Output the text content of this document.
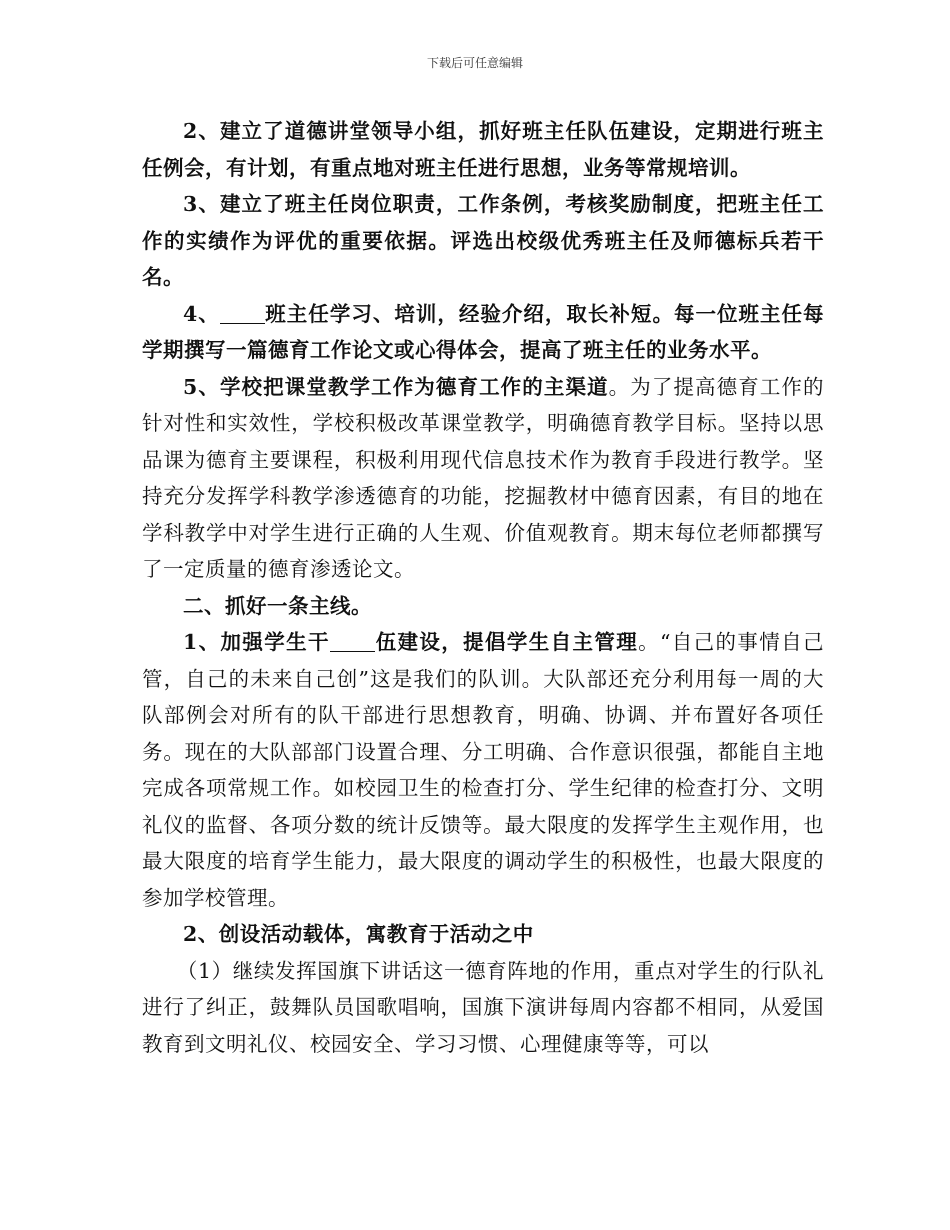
下载后可任意编辑

2、建立了道德讲堂领导小组，抓好班主任队伍建设，定期进行班主任例会，有计划，有重点地对班主任进行思想，业务等常规培训。

3、建立了班主任岗位职责，工作条例，考核奖励制度，把班主任工作的实绩作为评优的重要依据。评选出校级优秀班主任及师德标兵若干名。

4、 班主任学习、培训，经验介绍，取长补短。每一位班主任每学期撰写一篇德育工作论文或心得体会，提高了班主任的业务水平。

5、学校把课堂教学工作为德育工作的主渠道。为了提高德育工作的针对性和实效性，学校积极改革课堂教学，明确德育教学目标。坚持以思品课为德育主要课程，积极利用现代信息技术作为教育手段进行教学。坚持充分发挥学科教学渗透德育的功能，挖掘教材中德育因素，有目的地在学科教学中对学生进行正确的人生观、价值观教育。期末每位老师都撰写了一定质量的德育渗透论文。

二、抓好一条主线。

1、加强学生干 伍建设，提倡学生自主管理。“自己的事情自己管，自己的未来自己创”这是我们的队训。大队部还充分利用每一周的大队部例会对所有的队干部进行思想教育，明确、协调、并布置好各项任务。现在的大队部部门设置合理、分工明确、合作意识很强，都能自主地完成各项常规工作。如校园卫生的检查打分、学生纪律的检查打分、文明礼仪的监督、各项分数的统计反馈等。最大限度的发挥学生主观作用，也最大限度的培育学生能力，最大限度的调动学生的积极性，也最大限度的参加学校管理。

2、创设活动载体，寓教育于活动之中

（1）继续发挥国旗下讲话这一德育阵地的作用，重点对学生的行队礼进行了纠正，鼓舞队员国歌唱响，国旗下演讲每周内容都不相同，从爱国教育到文明礼仪、校园安全、学习习惯、心理健康等等，可以
